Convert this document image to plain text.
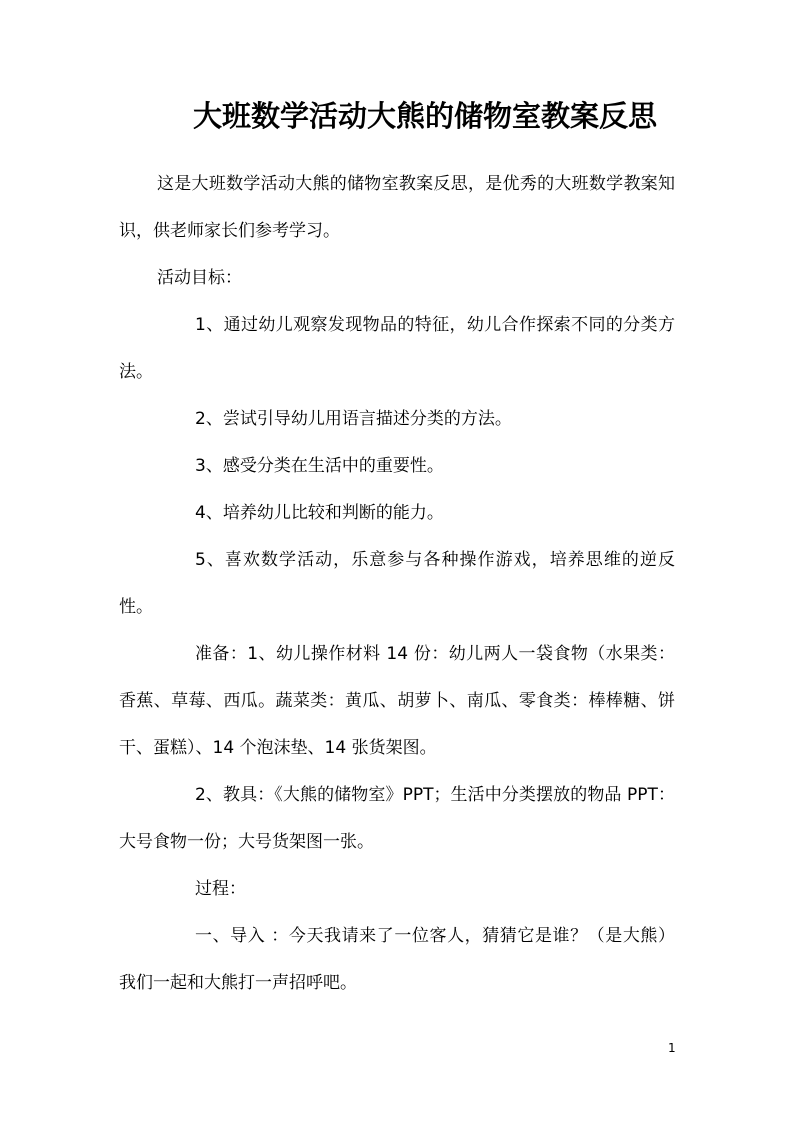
大班数学活动大熊的储物室教案反思

这是大班数学活动大熊的储物室教案反思，是优秀的大班数学教案知识，供老师家长们参考学习。

活动目标：

1、通过幼儿观察发现物品的特征，幼儿合作探索不同的分类方法。

2、尝试引导幼儿用语言描述分类的方法。

3、感受分类在生活中的重要性。

4、培养幼儿比较和判断的能力。

5、喜欢数学活动，乐意参与各种操作游戏，培养思维的逆反性。

准备：1、幼儿操作材料 14 份：幼儿两人一袋食物（水果类：香蕉、草莓、西瓜。蔬菜类：黄瓜、胡萝卜、南瓜、零食类：棒棒糖、饼干、蛋糕）、14 个泡沫垫、14 张货架图。

2、教具：《大熊的储物室》PPT；生活中分类摆放的物品 PPT：大号食物一份；大号货架图一张。

过程：

一、导入 ：今天我请来了一位客人，猜猜它是谁？（是大熊）我们一起和大熊打一声招呼吧。

1
